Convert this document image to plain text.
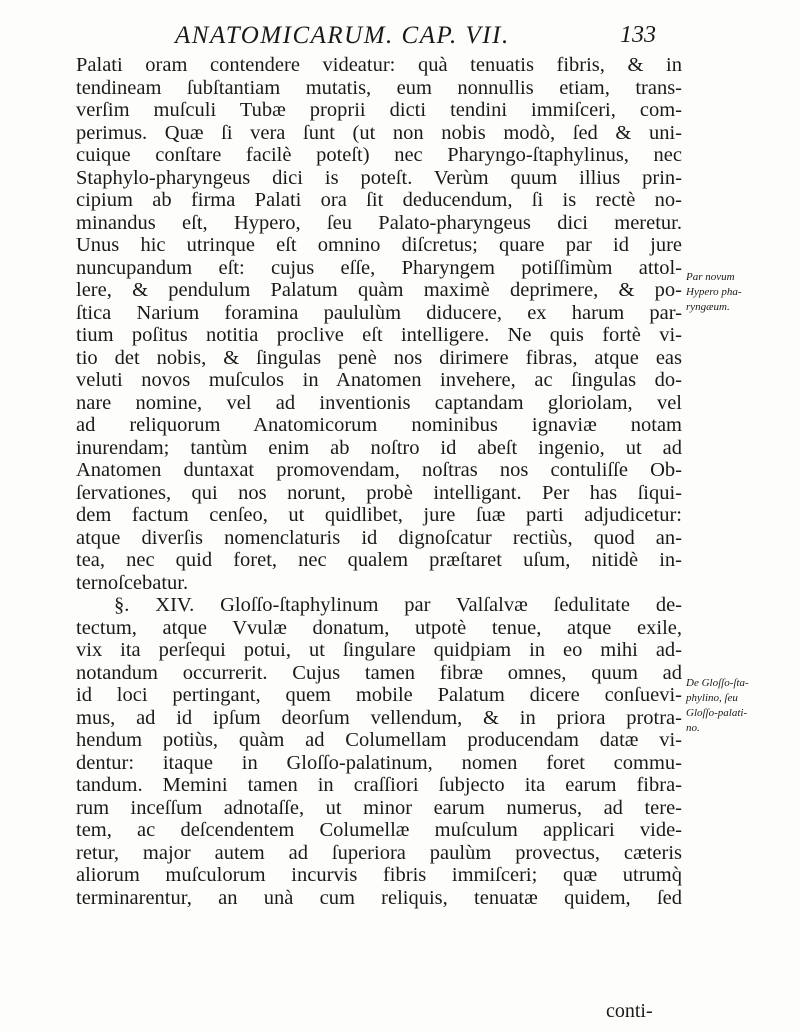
ANATOMICARUM. CAP. VII.	133
Palati oram contendere videatur: quà tenuatis fibris, & in
tendineam ſubſtantiam mutatis, eum nonnullis etiam, trans-
verſim muſculi Tubæ proprii dicti tendini immiſceri, com-
perimus. Quæ ſi vera ſunt (ut non nobis modò, ſed & uni-
cuique conſtare facilè poteſt) nec Pharyngo-ſtaphylinus, nec
Staphylo-pharyngeus dici is poteſt. Verùm quum illius prin-
cipium ab firma Palati ora ſit deducendum, ſi is rectè no-
minandus eſt, Hypero, ſeu Palato-pharyngeus dici meretur.
Unus hic utrinque eſt omnino diſcretus; quare par id jure
nuncupandum eſt: cujus eſſe, Pharyngem potiſſimùm attol-
lere, & pendulum Palatum quàm maximè deprimere, & po-
ſtica Narium foramina paululùm diducere, ex harum par-
tium poſitus notitia proclive eſt intelligere. Ne quis fortè vi-
tio det nobis, & ſingulas penè nos dirimere fibras, atque eas
veluti novos muſculos in Anatomen invehere, ac ſingulas do-
nare nomine, vel ad inventionis captandam gloriolam, vel
ad reliquorum Anatomicorum nominibus ignaviæ notam
inurendam; tantùm enim ab noſtro id abeſt ingenio, ut ad
Anatomen duntaxat promovendam, noſtras nos contuliſſe Ob-
ſervationes, qui nos norunt, probè intelligant. Per has ſiqui-
dem factum cenſeo, ut quidlibet, jure ſuæ parti adjudicetur:
atque diverſis nomenclaturis id dignoſcatur rectiùs, quod an-
tea, nec quid foret, nec qualem præſtaret uſum, nitidè in-
ternoſcebatur.
§. XIV. Gloſſo-ſtaphylinum par Valſalvæ ſedulitate de-
tectum, atque Vvulæ donatum, utpotè tenue, atque exile,
vix ita perſequi potui, ut ſingulare quidpiam in eo mihi ad-
notandum occurrerit. Cujus tamen fibræ omnes, quum ad
id loci pertingant, quem mobile Palatum dicere conſuevi-
mus, ad id ipſum deorſum vellendum, & in priora protra-
hendum potiùs, quàm ad Columellam producendam datæ vi-
dentur: itaque in Gloſſo-palatinum, nomen foret commu-
tandum. Memini tamen in craſſiori ſubjecto ita earum fibra-
rum inceſſum adnotaſſe, ut minor earum numerus, ad tere-
tem, ac deſcendentem Columellæ muſculum applicari vide-
retur, major autem ad ſuperiora paulùm provectus, cæteris
aliorum muſculorum incurvis fibris immiſceri; quæ utrumq̀
terminarentur, an unà cum reliquis, tenuatæ quidem, ſed
conti-
Par novum
Hypero pha-
ryngæum.
De Gloſſo-ſta-
phylino, ſeu
Gloſſo-palati-
no.
